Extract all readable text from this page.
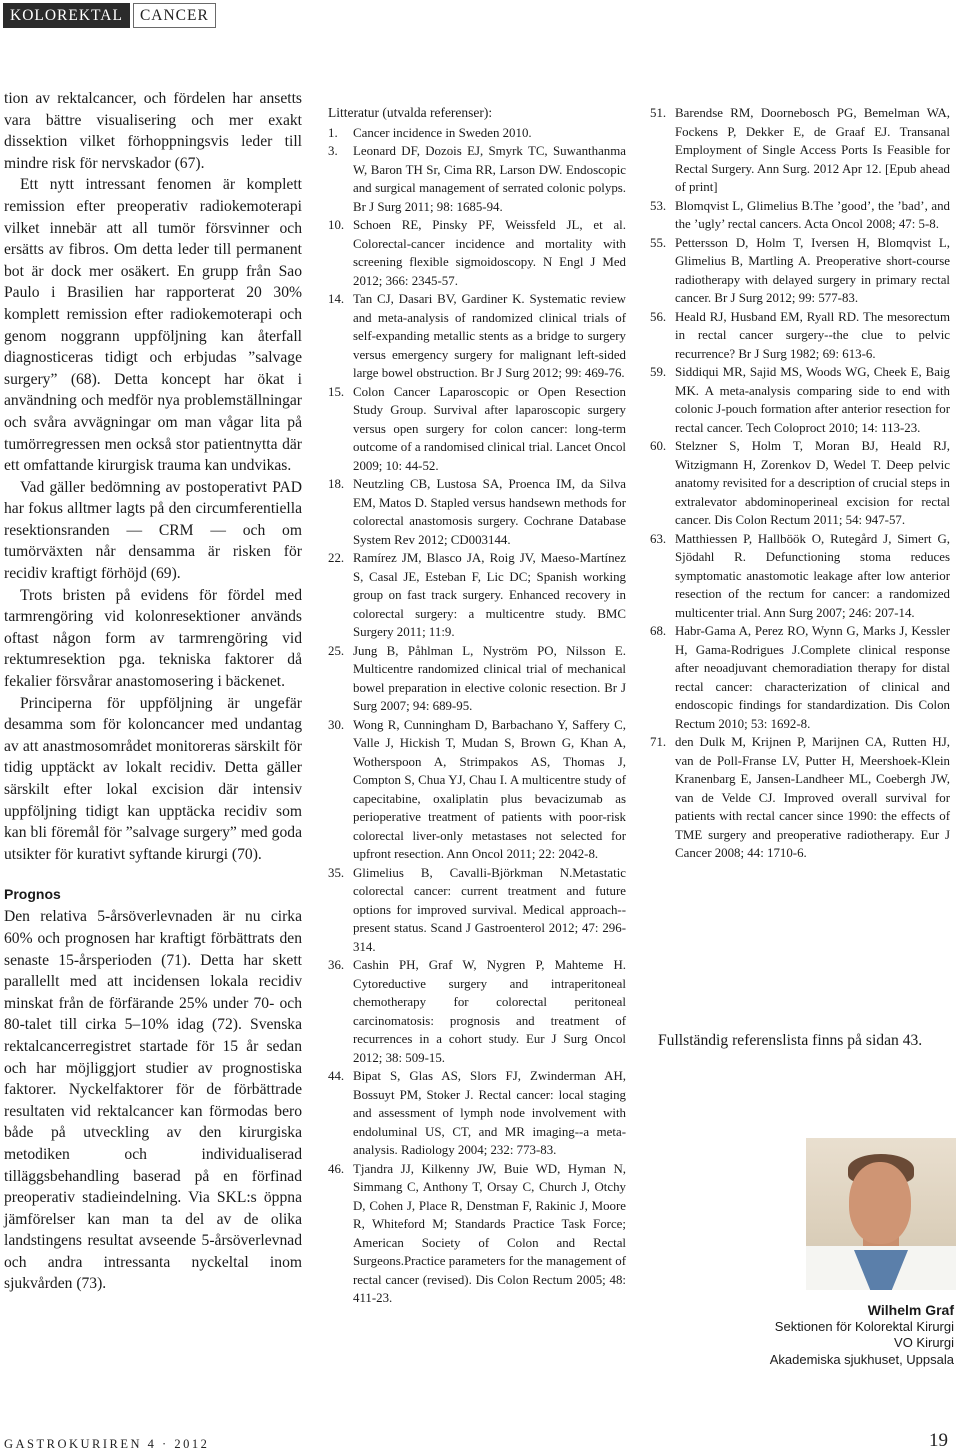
KOLOREKTAL	CANCER

tion av rektalcancer, och fördelen har ansetts vara bättre visualisering och mer exakt dissektion vilket förhoppningsvis leder till mindre risk för nervskador (67).

Ett nytt intressant fenomen är komplett remission efter preoperativ radiokemoterapi vilket innebär att all tumör försvinner och ersätts av fibros. Om detta leder till permanent bot är dock mer osäkert. En grupp från Sao Paulo i Brasilien har rapporterat 20 30% komplett remission efter radiokemoterapi och genom noggrann uppföljning kan återfall diagnosticeras tidigt och erbjudas ”salvage surgery” (68). Detta koncept har ökat i användning och medför nya problemställningar och svåra avvägningar om man vågar lita på tumörregressen men också stor patientnytta där ett omfattande kirurgisk trauma kan undvikas.

Vad gäller bedömning av postoperativt PAD har fokus alltmer lagts på den circumferentiella resektionsranden — CRM — och om tumörväxten når densamma är risken för recidiv kraftigt förhöjd (69).

Trots bristen på evidens för fördel med tarmrengöring vid kolonresektioner används oftast någon form av tarmrengöring vid rektumresektion pga. tekniska faktorer då fekalier försvårar anastomosering i bäckenet.

Principerna för uppföljning är ungefär desamma som för koloncancer med undantag av att anastmosområdet monitoreras särskilt för tidig upptäckt av lokalt recidiv. Detta gäller särskilt efter lokal excision där intensiv uppföljning tidigt kan upptäcka recidiv som kan bli föremål för ”salvage surgery” med goda utsikter för kurativt syftande kirurgi (70).

Prognos

Den relativa 5-årsöverlevnaden är nu cirka 60% och prognosen har kraftigt förbättrats den senaste 15-årsperioden (71). Detta har skett parallellt med att incidensen lokala recidiv minskat från de förfärande 25% under 70- och 80-talet till cirka 5–10% idag (72). Svenska rektalcancerregistret startade för 15 år sedan och har möjliggjort studier av prognostiska faktorer. Nyckelfaktorer för de förbättrade resultaten vid rektalcancer kan förmodas bero både på utveckling av den kirurgiska metodiken och individualiserad tilläggsbehandling baserad på en förfinad preoperativ stadieindelning. Via SKL:s öppna jämförelser kan man ta del av de olika landstingens resultat avseende 5-årsöverlevnad och andra intressanta nyckeltal inom sjukvården (73).

Litteratur (utvalda referenser):
1.	Cancer incidence in Sweden 2010.
3.	Leonard DF, Dozois EJ, Smyrk TC, Suwanthanma W, Baron TH Sr, Cima RR, Larson DW. Endoscopic and surgical management of serrated colonic polyps. Br J Surg 2011; 98: 1685-94.
10. Schoen RE, Pinsky PF, Weissfeld JL, et al. Colorectal-cancer incidence and mortality with screening flexible sigmoidoscopy. N Engl J Med 2012; 366: 2345-57.
14. Tan CJ, Dasari BV, Gardiner K. Systematic review and meta-analysis of randomized clinical trials of self-expanding metallic stents as a bridge to surgery versus emergency surgery for malignant left-sided large bowel obstruction. Br J Surg 2012; 99: 469-76.
15. Colon Cancer Laparoscopic or Open Resection Study Group. Survival after laparoscopic surgery versus open surgery for colon cancer: long-term outcome of a randomised clinical trial. Lancet Oncol 2009; 10: 44-52.
18. Neutzling CB, Lustosa SA, Proenca IM, da Silva EM, Matos D. Stapled versus handsewn methods for colorectal anastomosis surgery. Cochrane Database System Rev 2012; CD003144.
22. Ramírez JM, Blasco JA, Roig JV, Maeso-Martínez S, Casal JE, Esteban F, Lic DC; Spanish working group on fast track surgery. Enhanced recovery in colorectal surgery: a multicentre study. BMC Surgery 2011; 11:9.
25. Jung B, Påhlman L, Nyström PO, Nilsson E. Multicentre randomized clinical trial of mechanical bowel preparation in elective colonic resection. Br J Surg 2007; 94: 689-95.
30. Wong R, Cunningham D, Barbachano Y, Saffery C, Valle J, Hickish T, Mudan S, Brown G, Khan A, Wotherspoon A, Strimpakos AS, Thomas J, Compton S, Chua YJ, Chau I. A multicentre study of capecitabine, oxaliplatin plus bevacizumab as perioperative treatment of patients with poor-risk colorectal liver-only metastases not selected for upfront resection. Ann Oncol 2011; 22: 2042-8.
35. Glimelius B, Cavalli-Björkman N.Metastatic colorectal cancer: current treatment and future options for improved survival. Medical approach--present status. Scand J Gastroenterol 2012; 47: 296-314.
36. Cashin PH, Graf W, Nygren P, Mahteme H. Cytoreductive surgery and intraperitoneal chemotherapy for colorectal peritoneal carcinomatosis: prognosis and treatment of recurrences in a cohort study. Eur J Surg Oncol 2012; 38: 509-15.
44. Bipat S, Glas AS, Slors FJ, Zwinderman AH, Bossuyt PM, Stoker J. Rectal cancer: local staging and assessment of lymph node involvement with endoluminal US, CT, and MR imaging--a meta-analysis. Radiology 2004; 232: 773-83.
46. Tjandra JJ, Kilkenny JW, Buie WD, Hyman N, Simmang C, Anthony T, Orsay C, Church J, Otchy D, Cohen J, Place R, Denstman F, Rakinic J, Moore R, Whiteford M; Standards Practice Task Force; American Society of Colon and Rectal Surgeons.Practice parameters for the management of rectal cancer (revised). Dis Colon Rectum 2005; 48: 411-23.
51. Barendse RM, Doornebosch PG, Bemelman WA, Fockens P, Dekker E, de Graaf EJ. Transanal Employment of Single Access Ports Is Feasible for Rectal Surgery. Ann Surg. 2012 Apr 12. [Epub ahead of print]
53. Blomqvist L, Glimelius B.The ’good’, the ’bad’, and the ’ugly’ rectal cancers. Acta Oncol 2008; 47: 5-8.
55. Pettersson D, Holm T, Iversen H, Blomqvist L, Glimelius B, Martling A. Preoperative short-course radiotherapy with delayed surgery in primary rectal cancer. Br J Surg 2012; 99: 577-83.
56. Heald RJ, Husband EM, Ryall RD. The mesorectum in rectal cancer surgery--the clue to pelvic recurrence? Br J Surg 1982; 69: 613-6.
59. Siddiqui MR, Sajid MS, Woods WG, Cheek E, Baig MK. A meta-analysis comparing side to end with colonic J-pouch formation after anterior resection for rectal cancer. Tech Coloproct 2010; 14: 113-23.
60. Stelzner S, Holm T, Moran BJ, Heald RJ, Witzigmann H, Zorenkov D, Wedel T. Deep pelvic anatomy revisited for a description of crucial steps in extralevator abdominoperineal excision for rectal cancer. Dis Colon Rectum 2011; 54: 947-57.
63. Matthiessen P, Hallböök O, Rutegård J, Simert G, Sjödahl R. Defunctioning stoma reduces symptomatic anastomotic leakage after low anterior resection of the rectum for cancer: a randomized multicenter trial. Ann Surg 2007; 246: 207-14.
68. Habr-Gama A, Perez RO, Wynn G, Marks J, Kessler H, Gama-Rodrigues J.Complete clinical response after neoadjuvant chemoradiation therapy for distal rectal cancer: characterization of clinical and endoscopic findings for standardization. Dis Colon Rectum 2010; 53: 1692-8.
71. den Dulk M, Krijnen P, Marijnen CA, Rutten HJ, van de Poll-Franse LV, Putter H, Meershoek-Klein Kranenbarg E, Jansen-Landheer ML, Coebergh JW, van de Velde CJ. Improved overall survival for patients with rectal cancer since 1990: the effects of TME surgery and preoperative radiotherapy. Eur J Cancer 2008; 44: 1710-6.
Fullständig referenslista finns på sidan 43.
Wilhelm Graf
Sektionen för Kolorektal Kirurgi
VO Kirurgi
Akademiska sjukhuset, Uppsala
GASTROKURIREN 4 · 2012	19
